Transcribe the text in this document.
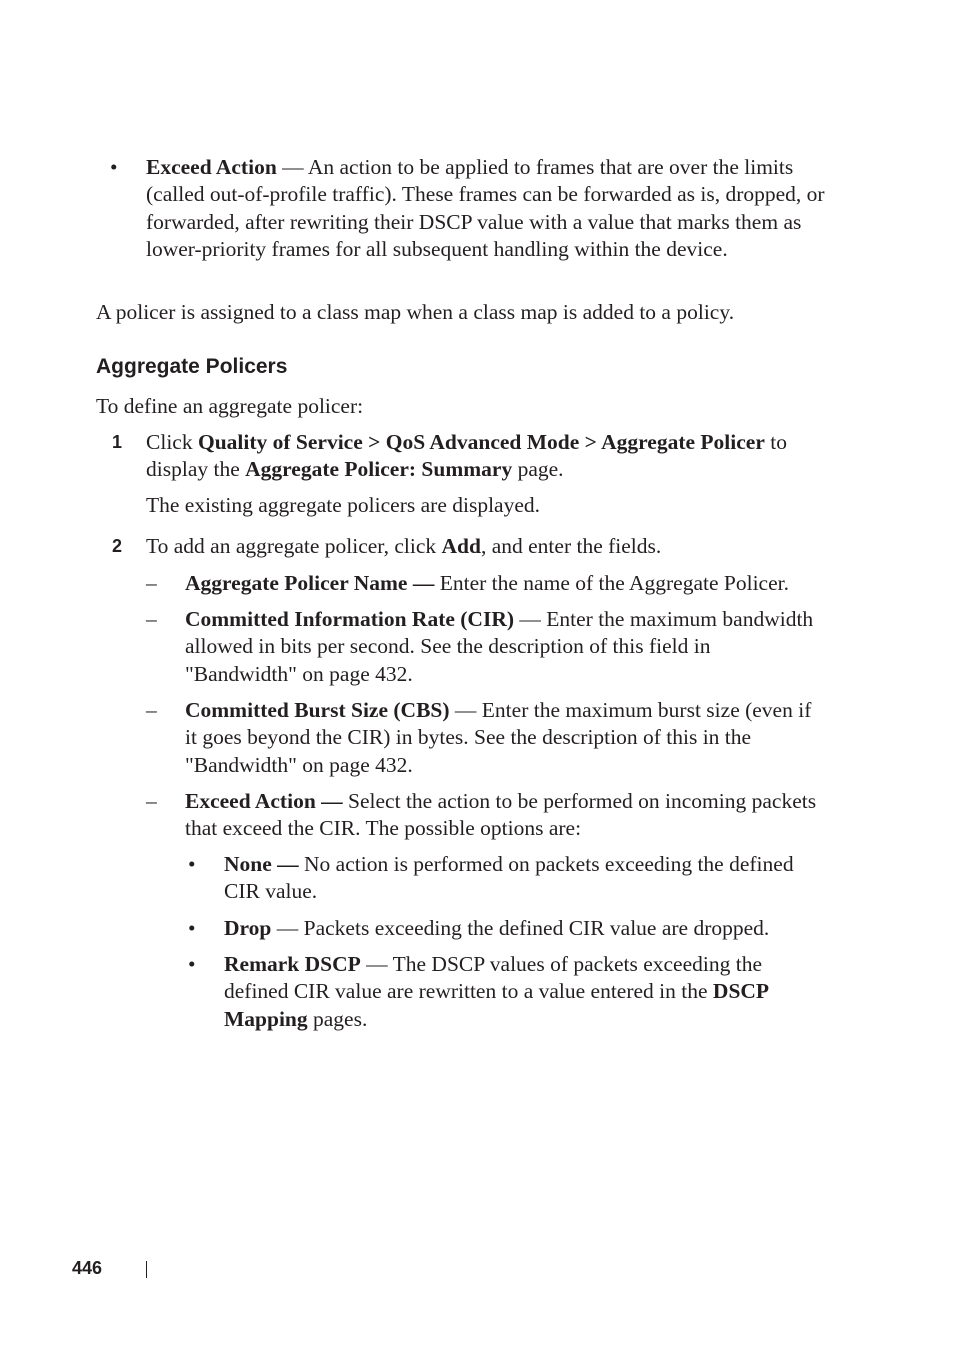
• Exceed Action — An action to be applied to frames that are over the limits (called out-of-profile traffic). These frames can be forwarded as is, dropped, or forwarded, after rewriting their DSCP value with a value that marks them as lower-priority frames for all subsequent handling within the device.

A policer is assigned to a class map when a class map is added to a policy.

Aggregate Policers

To define an aggregate policer:

1 Click Quality of Service > QoS Advanced Mode > Aggregate Policer to display the Aggregate Policer: Summary page.

The existing aggregate policers are displayed.

2 To add an aggregate policer, click Add, and enter the fields.

– Aggregate Policer Name — Enter the name of the Aggregate Policer.

– Committed Information Rate (CIR) — Enter the maximum bandwidth allowed in bits per second. See the description of this field in "Bandwidth" on page 432.

– Committed Burst Size (CBS) — Enter the maximum burst size (even if it goes beyond the CIR) in bytes. See the description of this in the "Bandwidth" on page 432.

– Exceed Action — Select the action to be performed on incoming packets that exceed the CIR. The possible options are:

• None — No action is performed on packets exceeding the defined CIR value.

• Drop — Packets exceeding the defined CIR value are dropped.

• Remark DSCP — The DSCP values of packets exceeding the defined CIR value are rewritten to a value entered in the DSCP Mapping pages.

446
